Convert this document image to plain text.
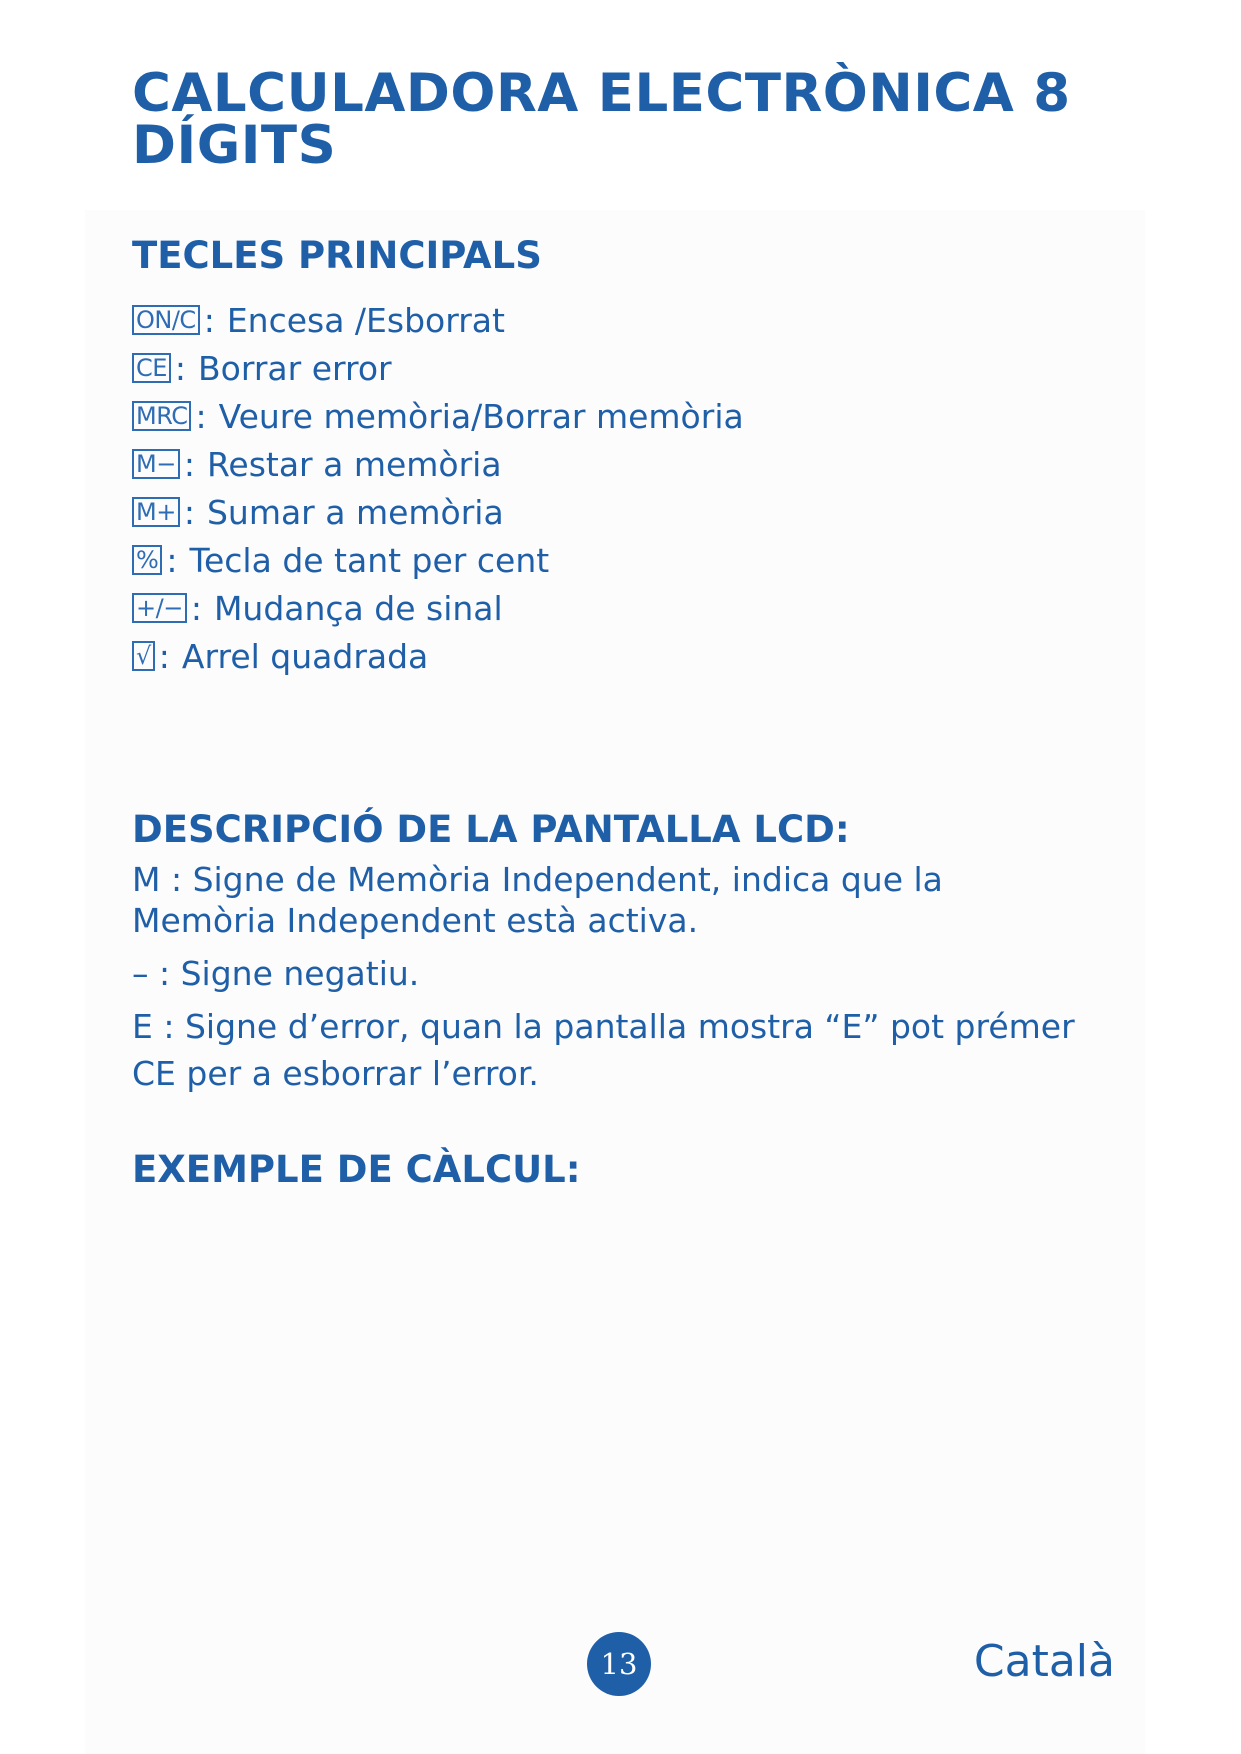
CALCULADORA ELECTRÒNICA 8 DÍGITS
TECLES PRINCIPALS
ON/C : Encesa /Esborrat
CE : Borrar error
MRC : Veure memòria/Borrar memòria
M− : Restar a memòria
M+ : Sumar a memòria
% : Tecla de tant per cent
+/− : Mudança de sinal
√ : Arrel quadrada
DESCRIPCIÓ DE LA PANTALLA LCD:

M : Signe de Memòria Independent, indica que la

Memòria Independent està activa.

– : Signe negatiu.

E : Signe d’error, quan la pantalla mostra “E” pot prémer

CE per a esborrar l’error.

EXEMPLE DE CÀLCUL:
13	Català
